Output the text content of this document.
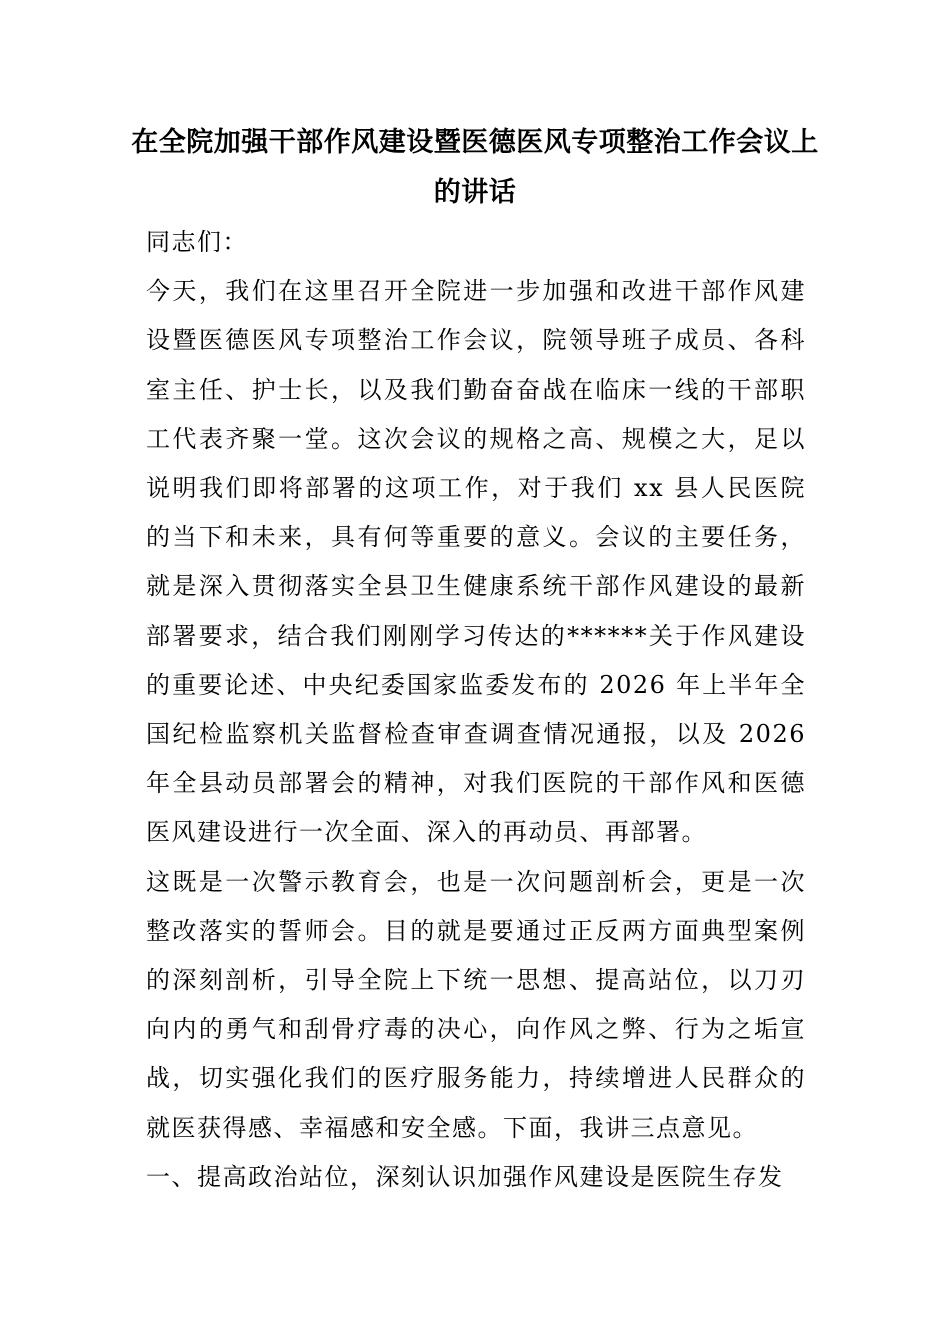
在全院加强干部作风建设暨医德医风专项整治工作会议上的讲话

同志们：

今天，我们在这里召开全院进一步加强和改进干部作风建设暨医德医风专项整治工作会议，院领导班子成员、各科室主任、护士长，以及我们勤奋奋战在临床一线的干部职工代表齐聚一堂。这次会议的规格之高、规模之大，足以说明我们即将部署的这项工作，对于我们 xx 县人民医院的当下和未来，具有何等重要的意义。会议的主要任务，就是深入贯彻落实全县卫生健康系统干部作风建设的最新部署要求，结合我们刚刚学习传达的******关于作风建设的重要论述、中央纪委国家监委发布的 2026 年上半年全国纪检监察机关监督检查审查调查情况通报，以及 2026 年全县动员部署会的精神，对我们医院的干部作风和医德医风建设进行一次全面、深入的再动员、再部署。

这既是一次警示教育会，也是一次问题剖析会，更是一次整改落实的誓师会。目的就是要通过正反两方面典型案例的深刻剖析，引导全院上下统一思想、提高站位，以刀刃向内的勇气和刮骨疗毒的决心，向作风之弊、行为之垢宣战，切实强化我们的医疗服务能力，持续增进人民群众的就医获得感、幸福感和安全感。下面，我讲三点意见。

一、提高政治站位，深刻认识加强作风建设是医院生存发
